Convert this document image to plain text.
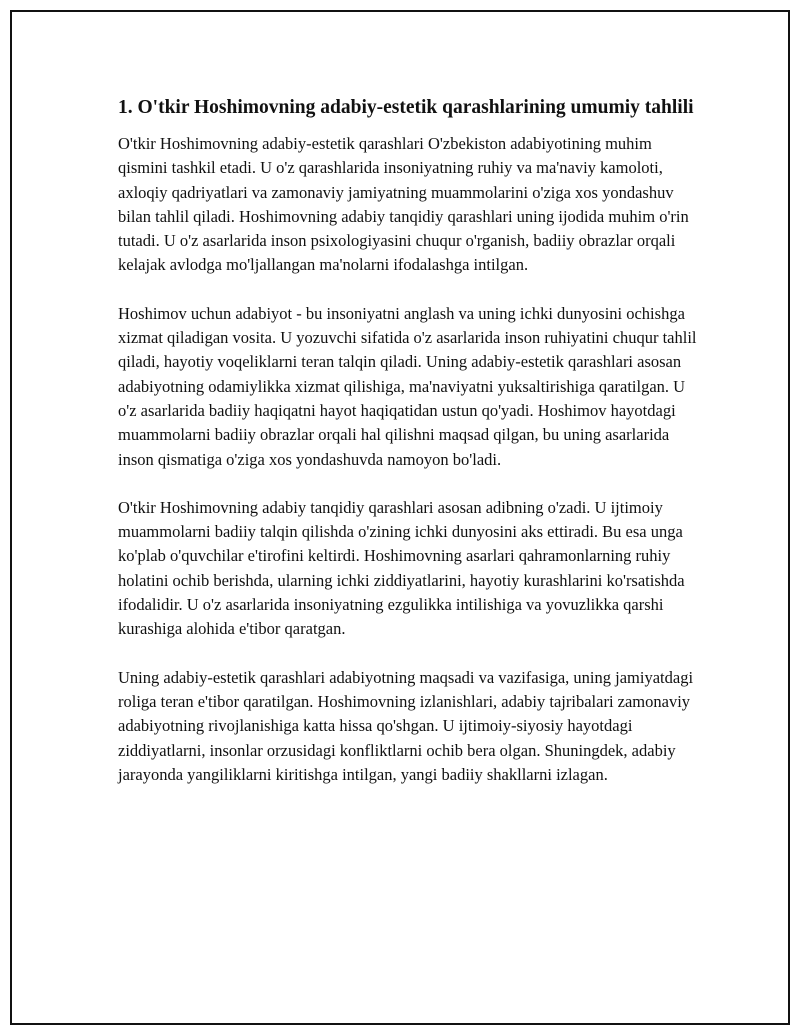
1. O'tkir Hoshimovning adabiy-estetik qarashlarining umumiy tahlili

O'tkir Hoshimovning adabiy-estetik qarashlari O'zbekiston adabiyotining muhim qismini tashkil etadi. U o'z qarashlarida insoniyatning ruhiy va ma'naviy kamoloti, axloqiy qadriyatlari va zamonaviy jamiyatning muammolarini o'ziga xos yondashuv bilan tahlil qiladi. Hoshimovning adabiy tanqidiy qarashlari uning ijodida muhim o'rin tutadi. U o'z asarlarida inson psixologiyasini chuqur o'rganish, badiiy obrazlar orqali kelajak avlodga mo'ljallangan ma'nolarni ifodalashga intilgan.

Hoshimov uchun adabiyot - bu insoniyatni anglash va uning ichki dunyosini ochishga xizmat qiladigan vosita. U yozuvchi sifatida o'z asarlarida inson ruhiyatini chuqur tahlil qiladi, hayotiy voqeliklarni teran talqin qiladi. Uning adabiy-estetik qarashlari asosan adabiyotning odamiylikka xizmat qilishiga, ma'naviyatni yuksaltirishiga qaratilgan. U o'z asarlarida badiiy haqiqatni hayot haqiqatidan ustun qo'yadi. Hoshimov hayotdagi muammolarni badiiy obrazlar orqali hal qilishni maqsad qilgan, bu uning asarlarida inson qismatiga o'ziga xos yondashuvda namoyon bo'ladi.

O'tkir Hoshimovning adabiy tanqidiy qarashlari asosan adibning o'zadi. U ijtimoiy muammolarni badiiy talqin qilishda o'zining ichki dunyosini aks ettiradi. Bu esa unga ko'plab o'quvchilar e'tirofini keltirdi. Hoshimovning asarlari qahramonlarning ruhiy holatini ochib berishda, ularning ichki ziddiyatlarini, hayotiy kurashlarini ko'rsatishda ifodalidir. U o'z asarlarida insoniyatning ezgulikka intilishiga va yovuzlikka qarshi kurashiga alohida e'tibor qaratgan.

Uning adabiy-estetik qarashlari adabiyotning maqsadi va vazifasiga, uning jamiyatdagi roliga teran e'tibor qaratilgan. Hoshimovning izlanishlari, adabiy tajribalari zamonaviy adabiyotning rivojlanishiga katta hissa qo'shgan. U ijtimoiy-siyosiy hayotdagi ziddiyatlarni, insonlar orzusidagi konfliktlarni ochib bera olgan. Shuningdek, adabiy jarayonda yangiliklarni kiritishga intilgan, yangi badiiy shakllarni izlagan.
